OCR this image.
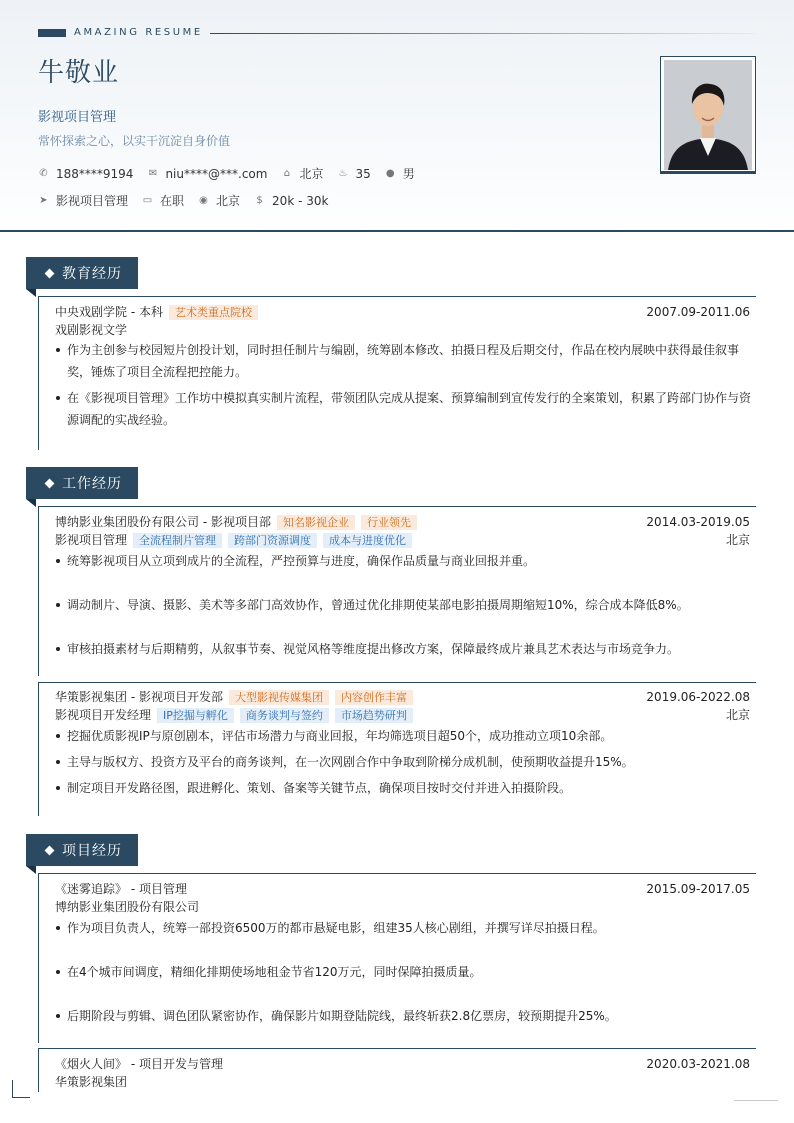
AMAZING RESUME
牛敬业
影视项目管理
常怀探索之心，以实干沉淀自身价值
✆ 188****9194 ✉ niu****@***.com ⌂ 北京 ♨ 35 ● 男
➤ 影视项目管理 ▭ 在职 ◉ 北京 $ 20k - 30k
教育经历
中央戏剧学院 - 本科	艺术类重点院校	2007.09-2011.06
戏剧影视文学
作为主创参与校园短片创投计划，同时担任制片与编剧，统筹剧本修改、拍摄日程及后期交付，作品在校内展映中获得最佳叙事
奖，锤炼了项目全流程把控能力。
在《影视项目管理》工作坊中模拟真实制片流程，带领团队完成从提案、预算编制到宣传发行的全案策划，积累了跨部门协作与资
源调配的实战经验。
工作经历
博纳影业集团股份有限公司 - 影视项目部	知名影视企业	行业领先	2014.03-2019.05
影视项目管理	全流程制片管理	跨部门资源调度	成本与进度优化	北京
统筹影视项目从立项到成片的全流程，严控预算与进度，确保作品质量与商业回报并重。
调动制片、导演、摄影、美术等多部门高效协作，曾通过优化排期使某部电影拍摄周期缩短10%，综合成本降低8%。
审核拍摄素材与后期精剪，从叙事节奏、视觉风格等维度提出修改方案，保障最终成片兼具艺术表达与市场竞争力。
华策影视集团 - 影视项目开发部	大型影视传媒集团	内容创作丰富	2019.06-2022.08
影视项目开发经理	IP挖掘与孵化	商务谈判与签约	市场趋势研判	北京
挖掘优质影视IP与原创剧本，评估市场潜力与商业回报，年均筛选项目超50个，成功推动立项10余部。
主导与版权方、投资方及平台的商务谈判，在一次网剧合作中争取到阶梯分成机制，使预期收益提升15%。
制定项目开发路径图，跟进孵化、策划、备案等关键节点，确保项目按时交付并进入拍摄阶段。
项目经历
《迷雾追踪》 - 项目管理	2015.09-2017.05
博纳影业集团股份有限公司
作为项目负责人，统筹一部投资6500万的都市悬疑电影，组建35人核心剧组，并撰写详尽拍摄日程。
在4个城市间调度，精细化排期使场地租金节省120万元，同时保障拍摄质量。
后期阶段与剪辑、调色团队紧密协作，确保影片如期登陆院线，最终斩获2.8亿票房，较预期提升25%。
《烟火人间》 - 项目开发与管理	2020.03-2021.08
华策影视集团
